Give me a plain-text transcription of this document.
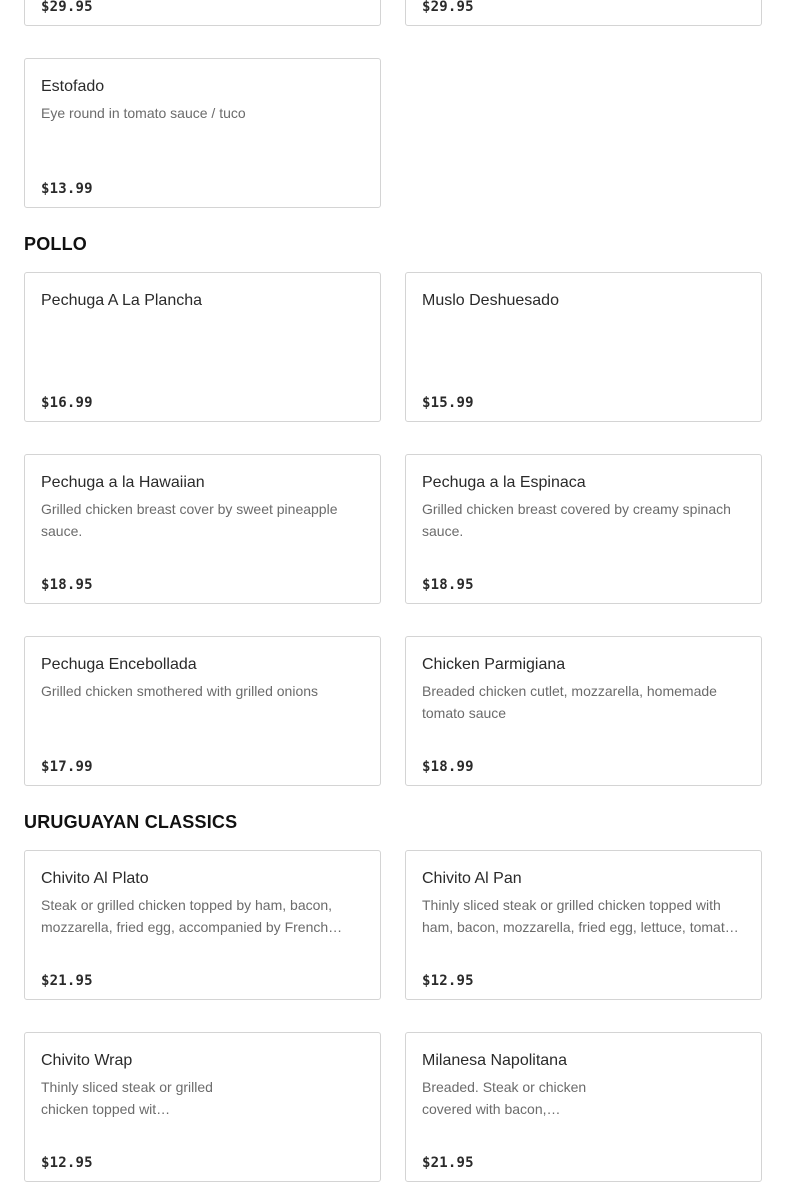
$29.95	$29.95
Estofado
Eye round in tomato sauce / tuco
$13.99
POLLO
Pechuga A La Plancha
$16.99
Muslo Deshuesado
$15.99
Pechuga a la Hawaiian
Grilled chicken breast cover by sweet pineapple sauce.
$18.95
Pechuga a la Espinaca
Grilled chicken breast covered by creamy spinach sauce.
$18.95
Pechuga Encebollada
Grilled chicken smothered with grilled onions
$17.99
Chicken Parmigiana
Breaded chicken cutlet, mozzarella, homemade tomato sauce
$18.99
URUGUAYAN CLASSICS
Chivito Al Plato
Steak or grilled chicken topped by ham, bacon, mozzarella, fried egg, accompanied by French…
$21.95
Chivito Al Pan
Thinly sliced steak or grilled chicken topped with ham, bacon, mozzarella, fried egg, lettuce, tomat…
$12.95
Chivito Wrap
Thinly sliced steak or grilled chicken topped wit…
$12.95
Milanesa Napolitana
Breaded. Steak or chicken covered with bacon,…
$21.95
